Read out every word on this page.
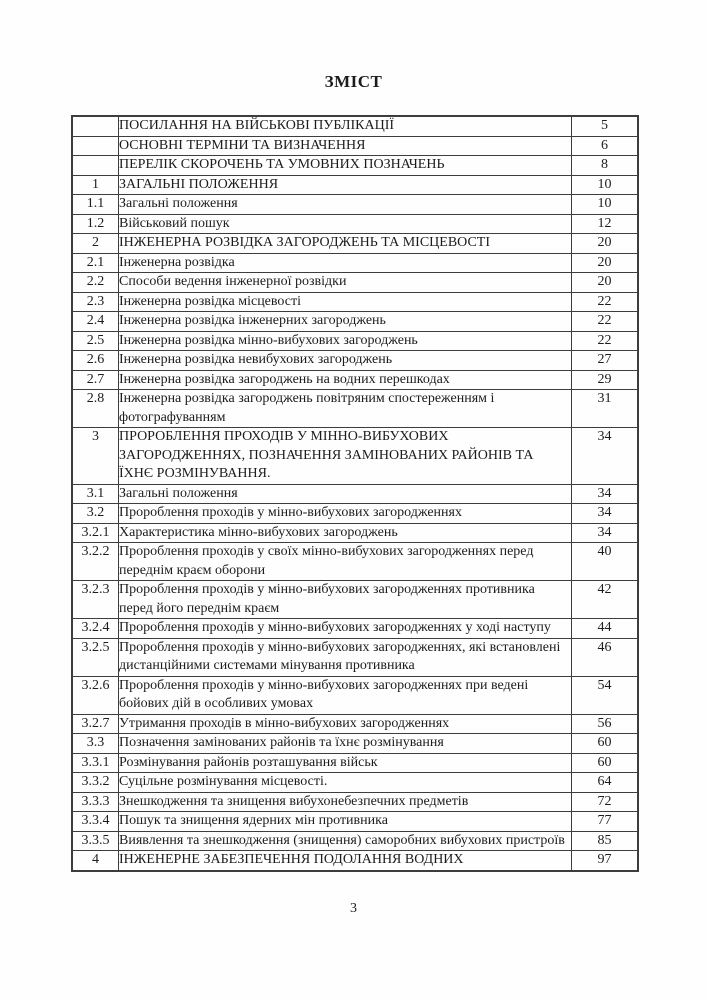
ЗМІСТ
	ПОСИЛАННЯ НА ВІЙСЬКОВІ ПУБЛІКАЦІЇ	5
	ОСНОВНІ ТЕРМІНИ ТА ВИЗНАЧЕННЯ	6
	ПЕРЕЛІК СКОРОЧЕНЬ ТА УМОВНИХ ПОЗНАЧЕНЬ	8
1	ЗАГАЛЬНІ ПОЛОЖЕННЯ	10
1.1	Загальні положення	10
1.2	Військовий пошук	12
2	ІНЖЕНЕРНА РОЗВІДКА ЗАГОРОДЖЕНЬ ТА МІСЦЕВОСТІ	20
2.1	Інженерна розвідка	20
2.2	Способи ведення інженерної розвідки	20
2.3	Інженерна розвідка місцевості	22
2.4	Інженерна розвідка інженерних загороджень	22
2.5	Інженерна розвідка мінно-вибухових загороджень	22
2.6	Інженерна розвідка невибухових загороджень	27
2.7	Інженерна розвідка загороджень на водних перешкодах	29
2.8	Інженерна розвідка загороджень повітряним спостереженням і фотографуванням	31
3	ПРОРОБЛЕННЯ ПРОХОДІВ У МІННО-ВИБУХОВИХ ЗАГОРОДЖЕННЯХ, ПОЗНАЧЕННЯ ЗАМІНОВАНИХ РАЙОНІВ ТА ЇХНЄ РОЗМІНУВАННЯ.	34
3.1	Загальні положення	34
3.2	Пророблення проходів у мінно-вибухових загородженнях	34
3.2.1	Характеристика мінно-вибухових загороджень	34
3.2.2	Пророблення проходів у своїх мінно-вибухових загородженнях перед переднім краєм оборони	40
3.2.3	Пророблення проходів у мінно-вибухових загородженнях противника перед його переднім краєм	42
3.2.4	Пророблення проходів у мінно-вибухових загородженнях у ході наступу	44
3.2.5	Пророблення проходів у мінно-вибухових загородженнях, які встановлені дистанційними системами мінування противника	46
3.2.6	Пророблення проходів у мінно-вибухових загородженнях при ведені бойових дій в особливих умовах	54
3.2.7	Утримання проходів в мінно-вибухових загородженнях	56
3.3	Позначення замінованих районів та їхнє розмінування	60
3.3.1	Розмінування районів розташування військ	60
3.3.2	Суцільне розмінування місцевості.	64
3.3.3	Знешкодження та знищення вибухонебезпечних предметів	72
3.3.4	Пошук та знищення ядерних мін противника	77
3.3.5	Виявлення та знешкодження (знищення) саморобних вибухових пристроїв	85
4	ІНЖЕНЕРНЕ ЗАБЕЗПЕЧЕННЯ ПОДОЛАННЯ ВОДНИХ	97
3
